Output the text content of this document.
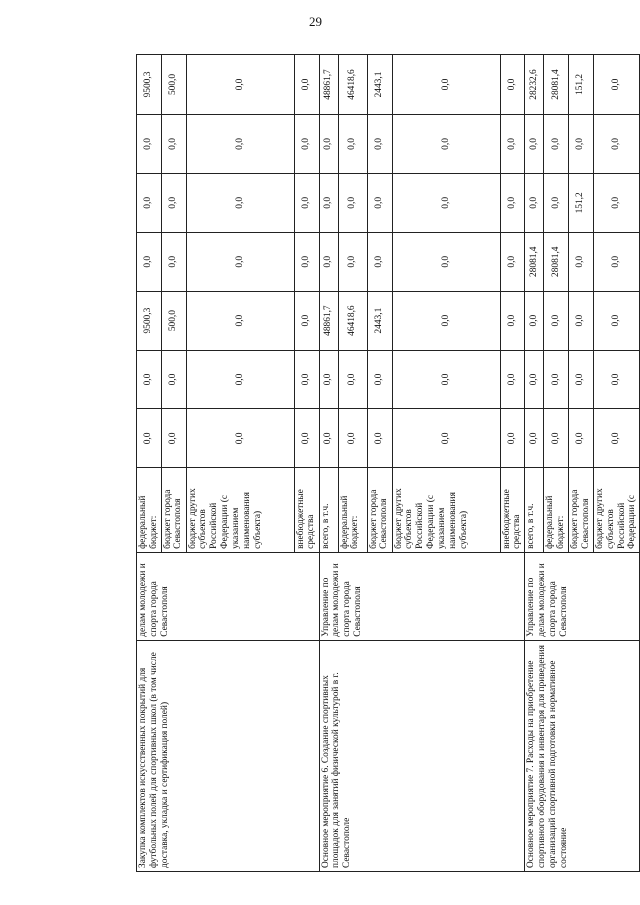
29
Закупка комплектов искусственных покрытий для футбольных полей для спортивных школ (в том числе доставка, укладка и сертификация полей)	делам молодежи и спорта города Севастополя	федеральный бюджет:	0,0	0,0	9500,3	0,0	0,0	0,0	9500,3
		бюджет города Севастополя	0,0	0,0	500,0	0,0	0,0	0,0	500,0
		бюджет других субъектов Российской Федерации (с указанием наименования субъекта)	0,0	0,0	0,0	0,0	0,0	0,0	0,0
		внебюджетные средства	0,0	0,0	0,0	0,0	0,0	0,0	0,0
Основное мероприятие 6. Создание спортивных площадок для занятий физической культурой в г. Севастополе	Управление по делам молодежи и спорта города Севастополя	всего, в т.ч.	0,0	0,0	48861,7	0,0	0,0	0,0	48861,7
		федеральный бюджет:	0,0	0,0	46418,6	0,0	0,0	0,0	46418,6
		бюджет города Севастополя	0,0	0,0	2443,1	0,0	0,0	0,0	2443,1
		бюджет других субъектов Российской Федерации (с указанием наименования субъекта)	0,0	0,0	0,0	0,0	0,0	0,0	0,0
		внебюджетные средства	0,0	0,0	0,0	0,0	0,0	0,0	0,0
Основное мероприятие 7. Расходы на приобретение спортивного оборудования и инвентаря для приведения организаций спортивной подготовки в нормативное состояние	Управление по делам молодежи и спорта города Севастополя	всего, в т.ч.	0,0	0,0	0,0	28081,4	0,0	0,0	28232,6
		федеральный бюджет:	0,0	0,0	0,0	28081,4	0,0	0,0	28081,4
		бюджет города Севастополя	0,0	0,0	0,0	0,0	151,2	0,0	151,2
		бюджет других субъектов Российской Федерации (с	0,0	0,0	0,0	0,0	0,0	0,0	0,0
